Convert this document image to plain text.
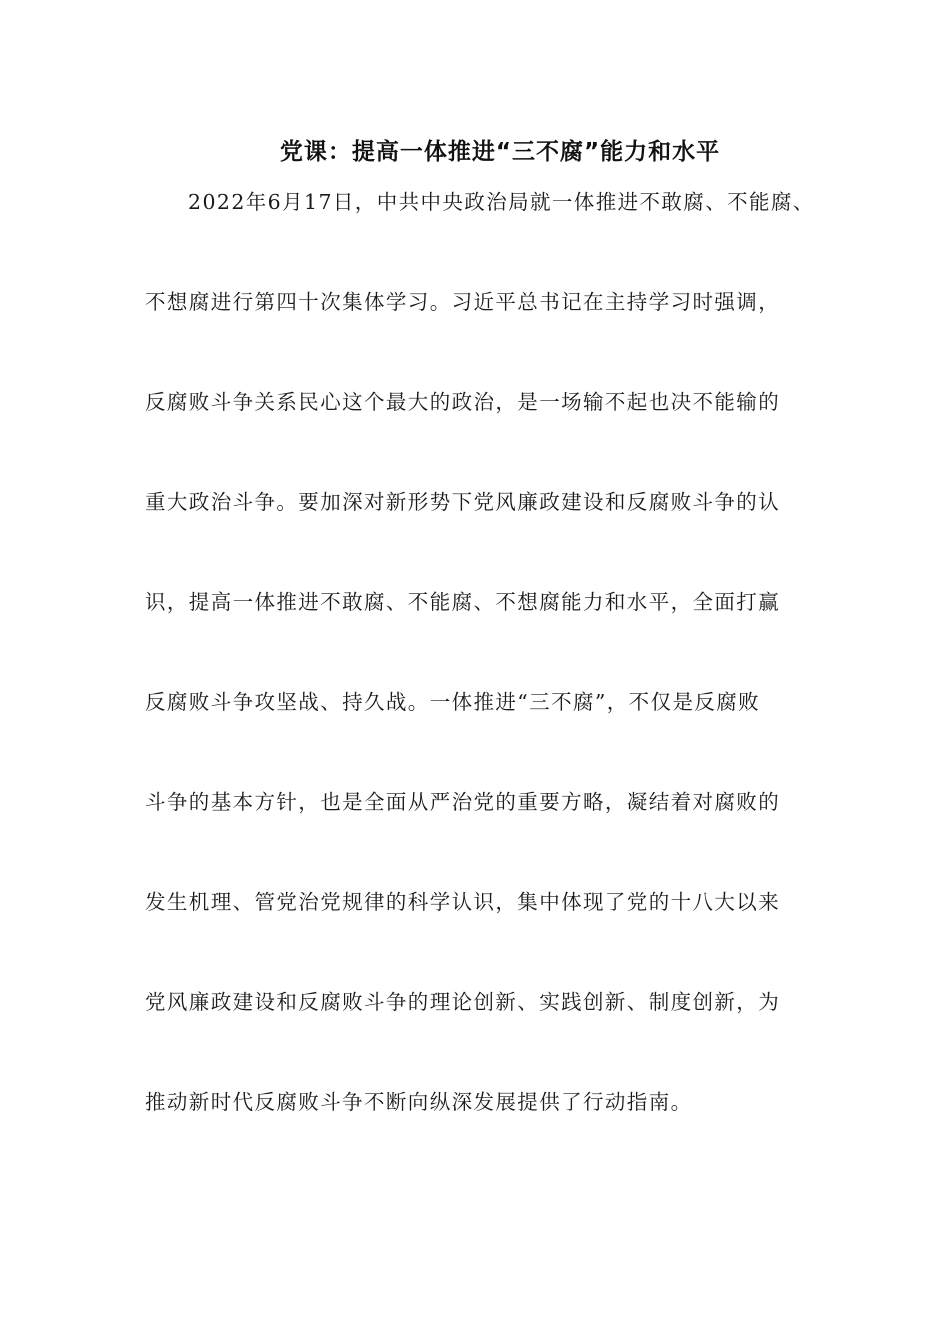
党课：提高一体推进“三不腐”能力和水平
2022年6月17日，中共中央政治局就一体推进不敢腐、不能腐、
不想腐进行第四十次集体学习。习近平总书记在主持学习时强调，
反腐败斗争关系民心这个最大的政治，是一场输不起也决不能输的
重大政治斗争。要加深对新形势下党风廉政建设和反腐败斗争的认
识，提高一体推进不敢腐、不能腐、不想腐能力和水平，全面打赢
反腐败斗争攻坚战、持久战。一体推进“三不腐”，不仅是反腐败
斗争的基本方针，也是全面从严治党的重要方略，凝结着对腐败的
发生机理、管党治党规律的科学认识，集中体现了党的十八大以来
党风廉政建设和反腐败斗争的理论创新、实践创新、制度创新，为
推动新时代反腐败斗争不断向纵深发展提供了行动指南。
